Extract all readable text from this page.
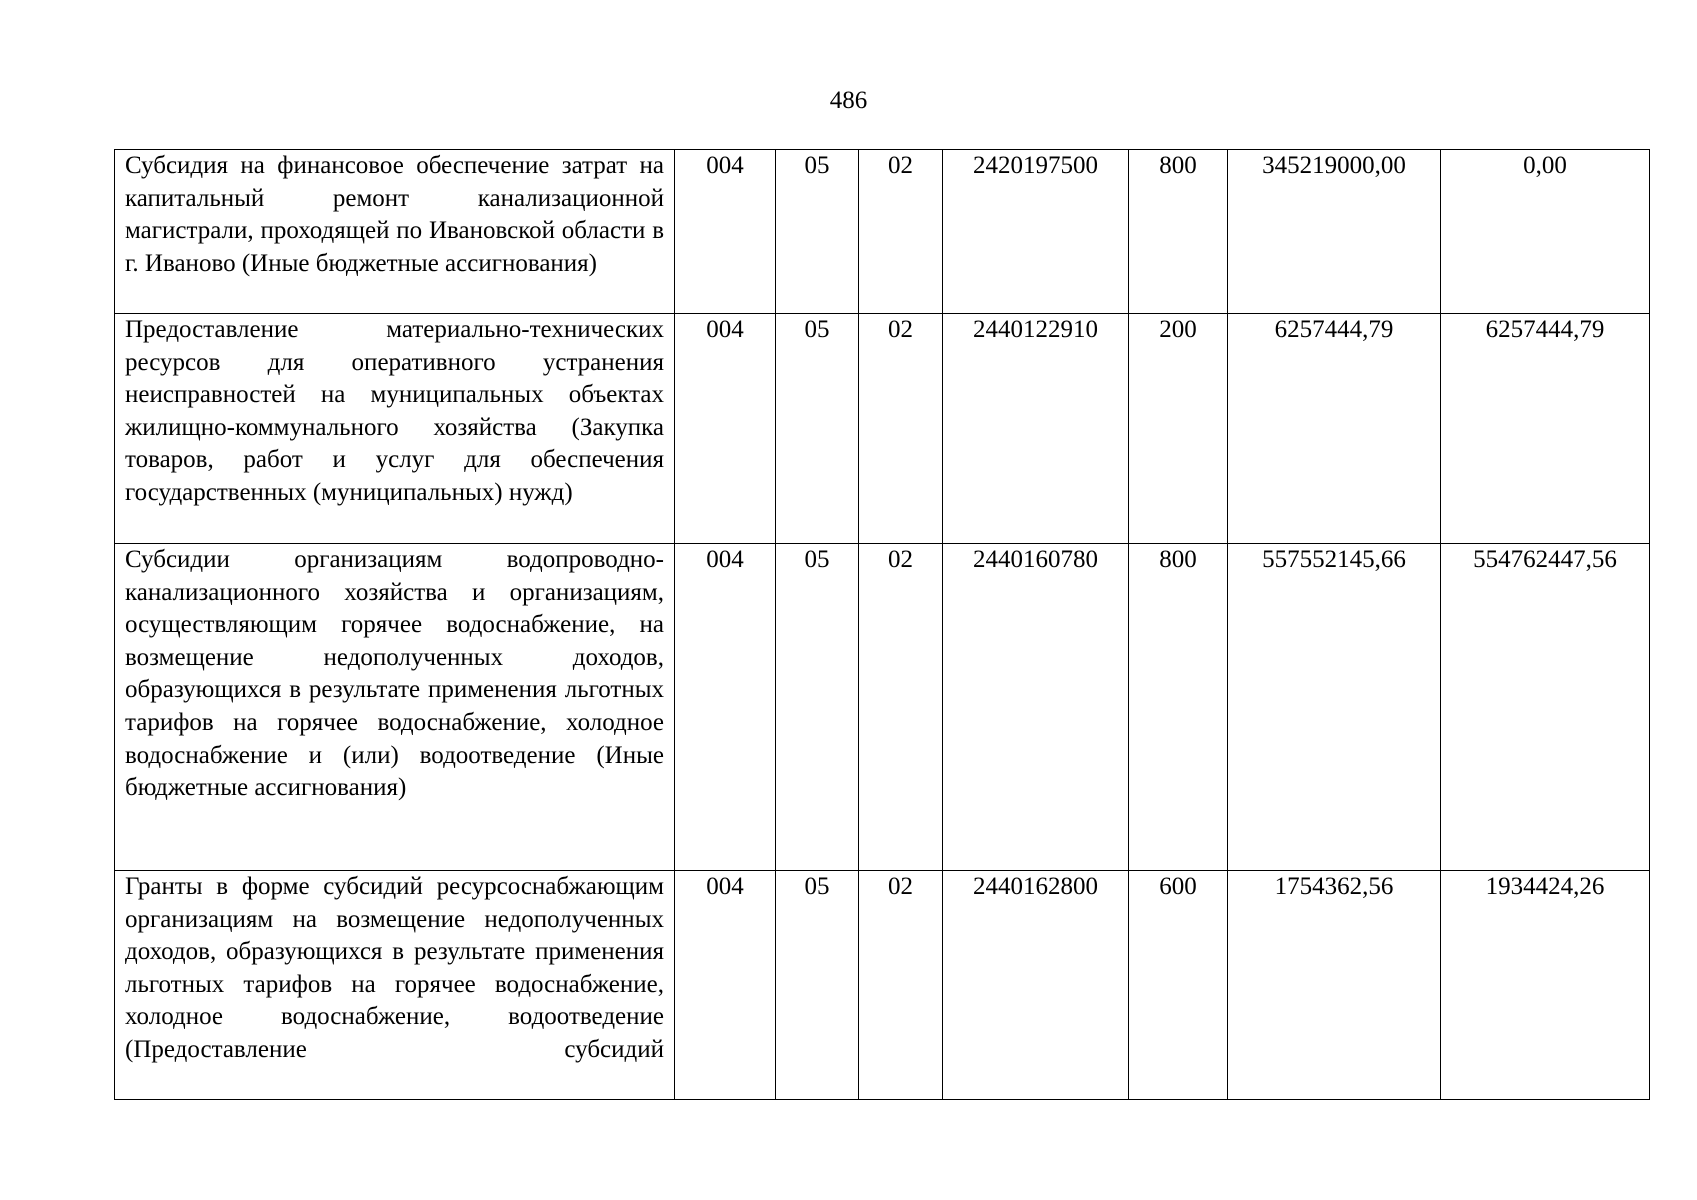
486
Субсидия на финансовое обеспечение затрат на капитальный ремонт канализационной магистрали, проходящей по Ивановской области в г. Иваново (Иные бюджетные ассигнования)	004	05	02	2420197500	800	345219000,00	0,00
Предоставление материально-технических ресурсов для оперативного устранения неисправностей на муниципальных объектах жилищно-коммунального хозяйства (Закупка товаров, работ и услуг для обеспечения государственных (муниципальных) нужд)	004	05	02	2440122910	200	6257444,79	6257444,79
Субсидии организациям водопроводно-канализационного хозяйства и организациям, осуществляющим горячее водоснабжение, на возмещение недополученных доходов, образующихся в результате применения льготных тарифов на горячее водоснабжение, холодное водоснабжение и (или) водоотведение (Иные бюджетные ассигнования)	004	05	02	2440160780	800	557552145,66	554762447,56
Гранты в форме субсидий ресурсоснабжающим организациям на возмещение недополученных доходов, образующихся в результате применения льготных тарифов на горячее водоснабжение, холодное водоснабжение, водоотведение (Предоставление субсидий	004	05	02	2440162800	600	1754362,56	1934424,26
